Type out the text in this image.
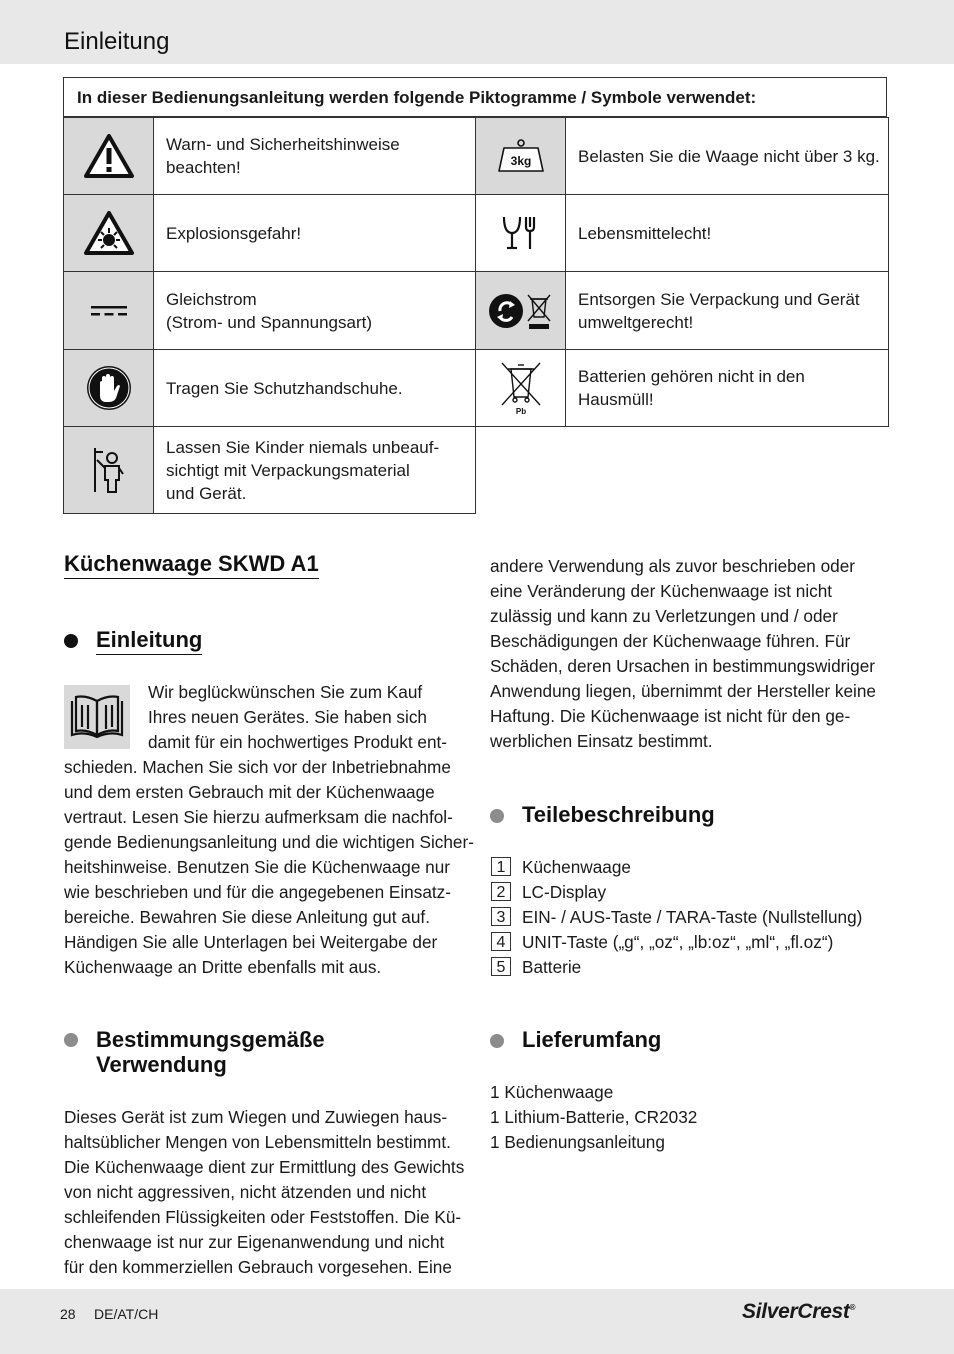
Einleitung
In dieser Bedienungsanleitung werden folgende Piktogramme / Symbole verwendet:
Warn- und Sicherheitshinweise
beachten!
Explosionsgefahr!
Gleichstrom
(Strom- und Spannungsart)
Tragen Sie Schutzhandschuhe.
Lassen Sie Kinder niemals unbeauf-
sichtigt mit Verpackungsmaterial
und Gerät.
3kg	Belasten Sie die Waage nicht über 3 kg.
Lebensmittelecht!
Entsorgen Sie Verpackung und Gerät
umweltgerecht!
Pb
Batterien gehören nicht in den
Hausmüll!
Küchenwaage SKWD A1
Einleitung
Wir beglückwünschen Sie zum Kauf
Ihres neuen Gerätes. Sie haben sich
damit für ein hochwertiges Produkt ent-
schieden. Machen Sie sich vor der Inbetriebnahme
und dem ersten Gebrauch mit der Küchenwaage
vertraut. Lesen Sie hierzu aufmerksam die nachfol-
gende Bedienungsanleitung und die wichtigen Sicher-
heitshinweise. Benutzen Sie die Küchenwaage nur
wie beschrieben und für die angegebenen Einsatz-
bereiche. Bewahren Sie diese Anleitung gut auf.
Händigen Sie alle Unterlagen bei Weitergabe der
Küchenwaage an Dritte ebenfalls mit aus.
Bestimmungsgemäße
Verwendung
Dieses Gerät ist zum Wiegen und Zuwiegen haus-
haltsüblicher Mengen von Lebensmitteln bestimmt.
Die Küchenwaage dient zur Ermittlung des Gewichts
von nicht aggressiven, nicht ätzenden und nicht
schleifenden Flüssigkeiten oder Feststoffen. Die Kü-
chenwaage ist nur zur Eigenanwendung und nicht
für den kommerziellen Gebrauch vorgesehen. Eine
andere Verwendung als zuvor beschrieben oder
eine Veränderung der Küchenwaage ist nicht
zulässig und kann zu Verletzungen und / oder
Beschädigungen der Küchenwaage führen. Für
Schäden, deren Ursachen in bestimmungswidriger
Anwendung liegen, übernimmt der Hersteller keine
Haftung. Die Küchenwaage ist nicht für den ge-
werblichen Einsatz bestimmt.
Teilebeschreibung
1 Küchenwaage
2 LC-Display
3 EIN- / AUS-Taste / TARA-Taste (Nullstellung)
4 UNIT-Taste („g“, „oz“, „lb:oz“, „ml“, „fl.oz“)
5 Batterie
Lieferumfang
1 Küchenwaage
1 Lithium-Batterie, CR2032
1 Bedienungsanleitung
28 DE/AT/CH	SilverCrest®
